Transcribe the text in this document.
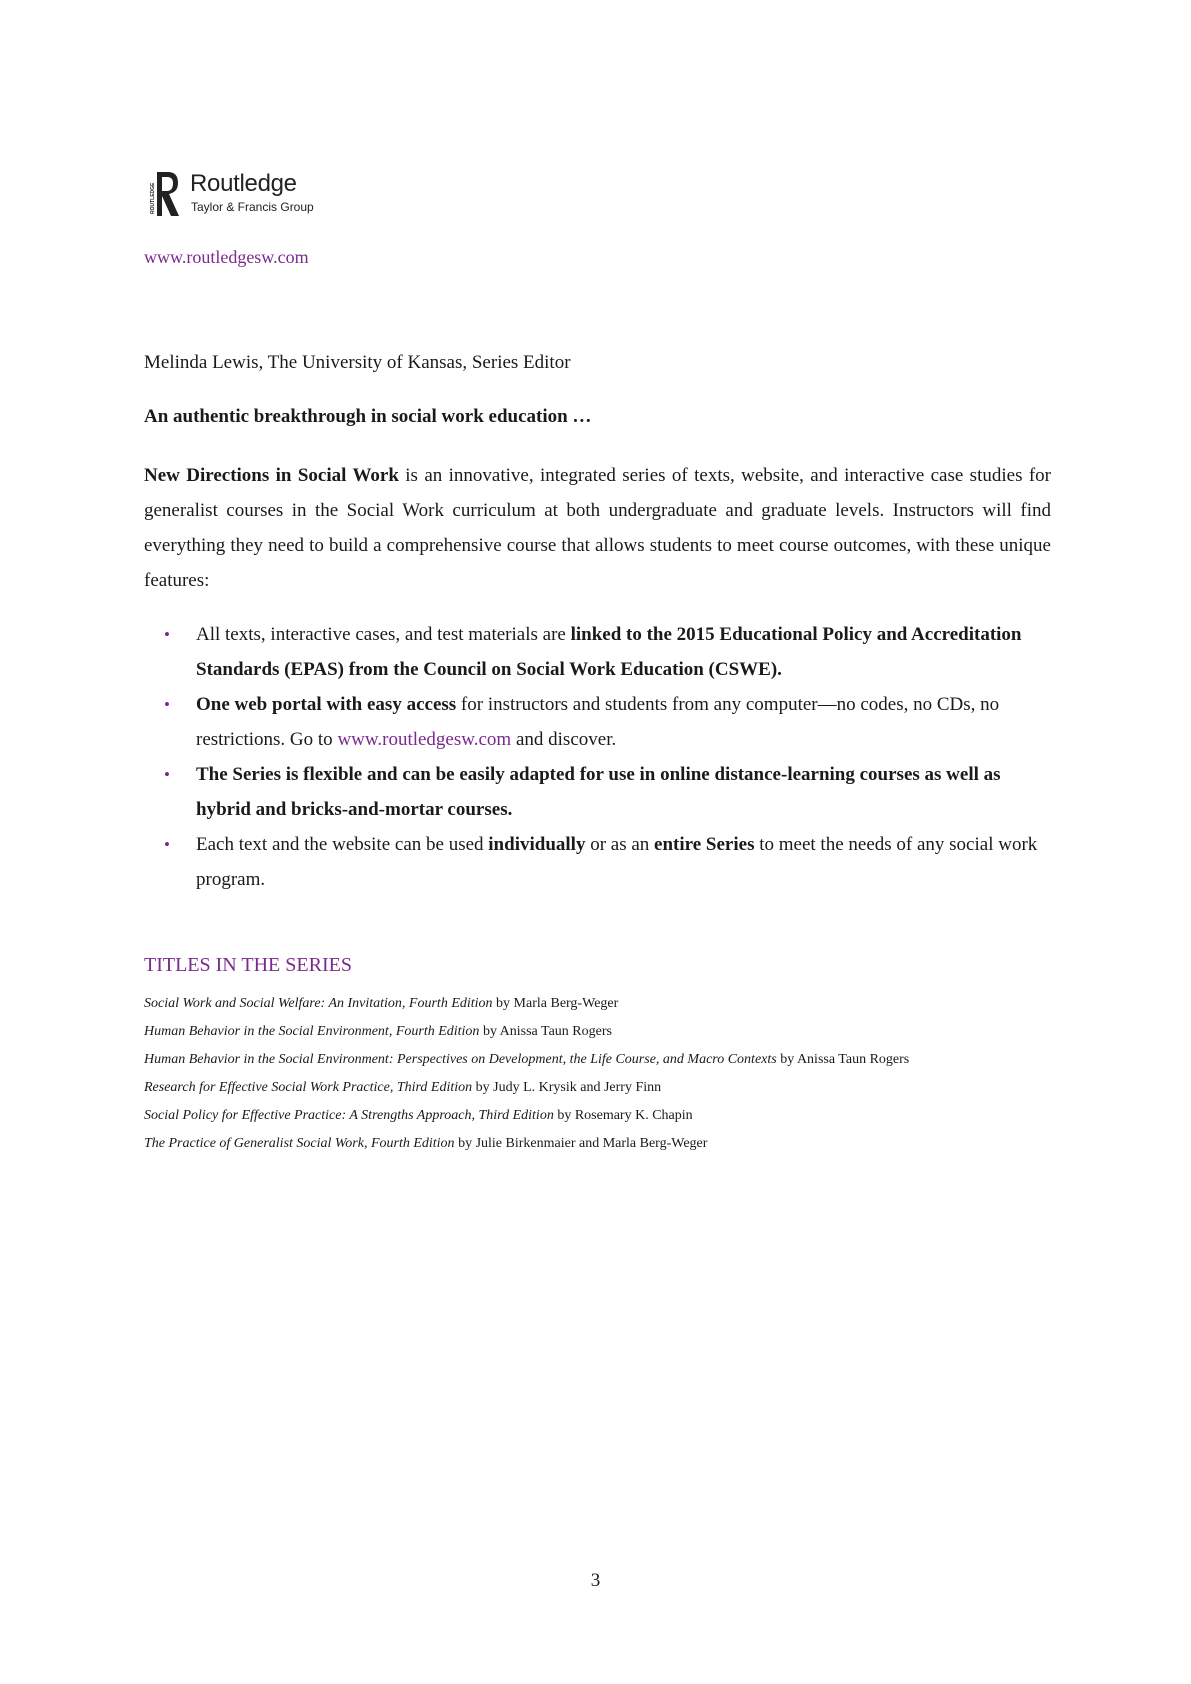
ROUTLEDGE Routledge
Taylor & Francis Group
www.routledgesw.com
Melinda Lewis, The University of Kansas, Series Editor
An authentic breakthrough in social work education …

New Directions in Social Work is an innovative, integrated series of texts, website, and interactive case studies for generalist courses in the Social Work curriculum at both undergraduate and graduate levels. Instructors will find everything they need to build a comprehensive course that allows students to meet course outcomes, with these unique features:

• All texts, interactive cases, and test materials are linked to the 2015 Educational Policy and Accreditation Standards (EPAS) from the Council on Social Work Education (CSWE).
• One web portal with easy access for instructors and students from any computer—no codes, no CDs, no restrictions. Go to www.routledgesw.com and discover.
• The Series is flexible and can be easily adapted for use in online distance-learning courses as well as hybrid and bricks-and-mortar courses.
• Each text and the website can be used individually or as an entire Series to meet the needs of any social work program.
TITLES IN THE SERIES
Social Work and Social Welfare: An Invitation, Fourth Edition by Marla Berg-Weger
Human Behavior in the Social Environment, Fourth Edition by Anissa Taun Rogers
Human Behavior in the Social Environment: Perspectives on Development, the Life Course, and Macro Contexts by Anissa Taun Rogers
Research for Effective Social Work Practice, Third Edition by Judy L. Krysik and Jerry Finn
Social Policy for Effective Practice: A Strengths Approach, Third Edition by Rosemary K. Chapin
The Practice of Generalist Social Work, Fourth Edition by Julie Birkenmaier and Marla Berg-Weger
3
